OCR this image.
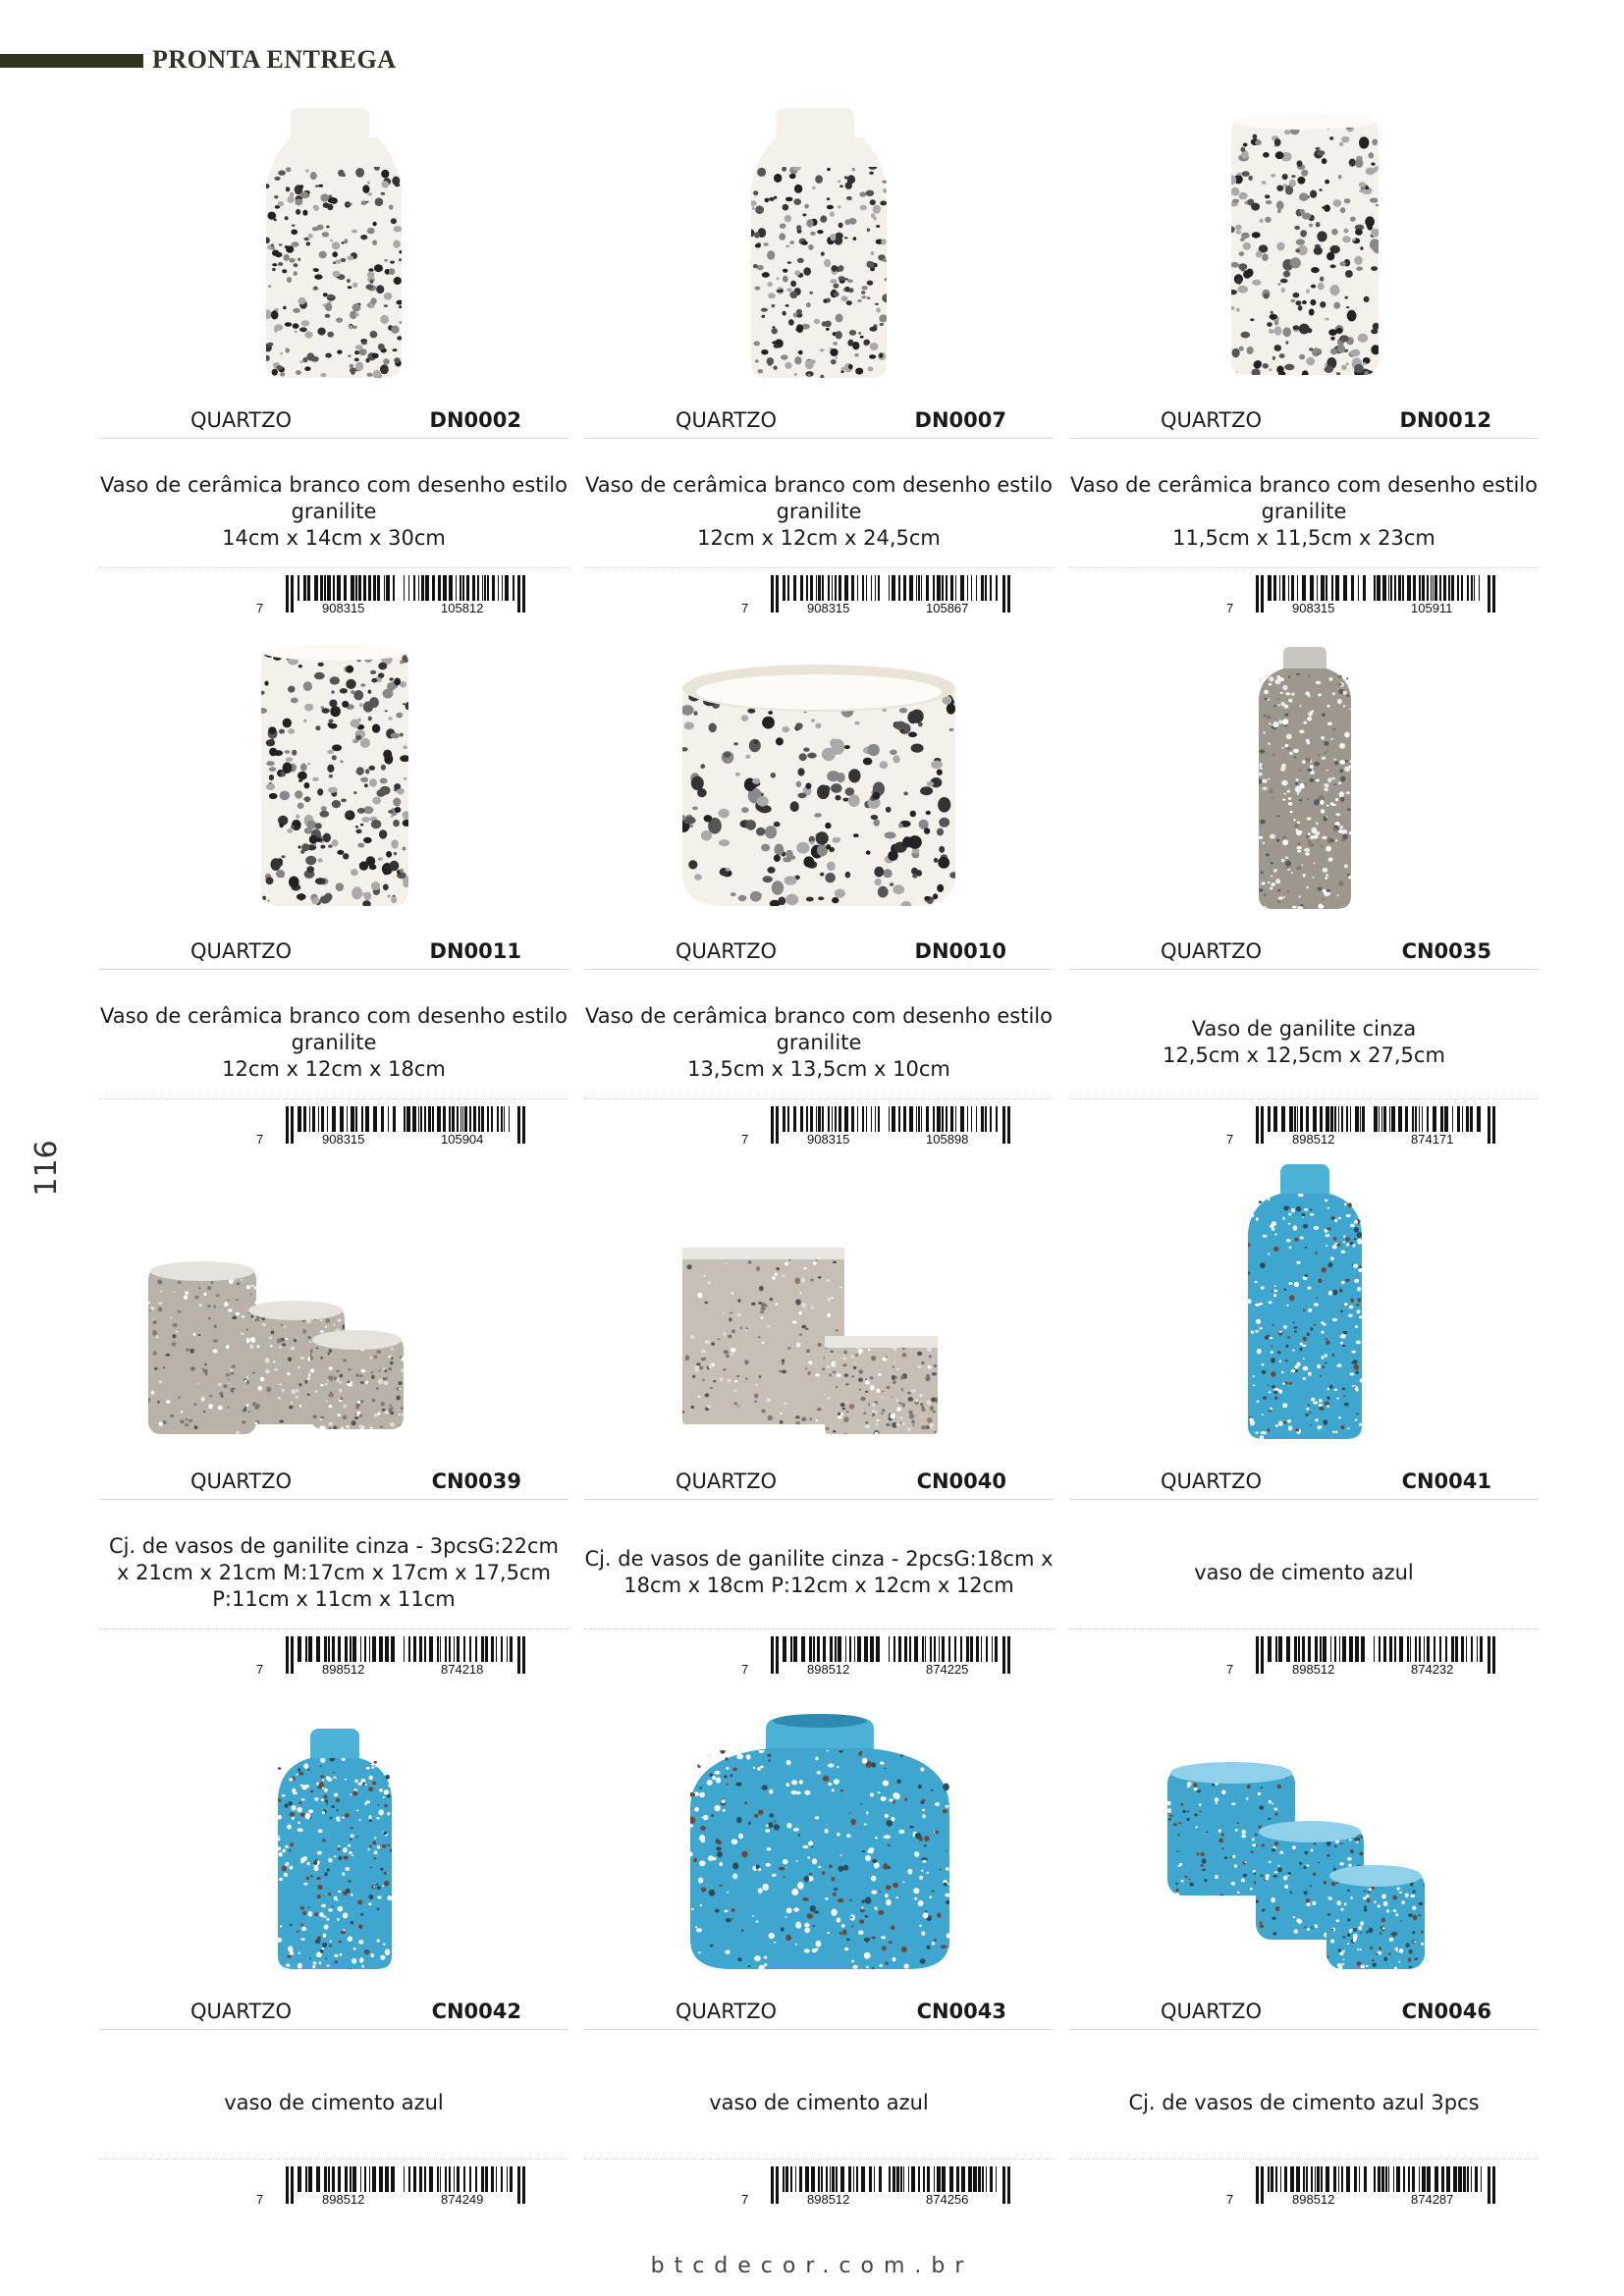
PRONTA ENTREGA
116
QUARTZO	DN0002
Vaso de cerâmica branco com desenho estilo
granilite
14cm x 14cm x 30cm
7	908315	105812
QUARTZO	DN0007
Vaso de cerâmica branco com desenho estilo
granilite
12cm x 12cm x 24,5cm
7	908315	105867
QUARTZO	DN0012
Vaso de cerâmica branco com desenho estilo
granilite
11,5cm x 11,5cm x 23cm
7	908315	105911
QUARTZO	DN0011
Vaso de cerâmica branco com desenho estilo
granilite
12cm x 12cm x 18cm
7	908315	105904
QUARTZO	DN0010
Vaso de cerâmica branco com desenho estilo
granilite
13,5cm x 13,5cm x 10cm
7	908315	105898
QUARTZO	CN0035
Vaso de ganilite cinza
12,5cm x 12,5cm x 27,5cm
7	898512	874171
QUARTZO	CN0039
Cj. de vasos de ganilite cinza - 3pcsG:22cm
x 21cm x 21cm M:17cm x 17cm x 17,5cm
P:11cm x 11cm x 11cm
7	898512	874218
QUARTZO	CN0040
Cj. de vasos de ganilite cinza - 2pcsG:18cm x
18cm x 18cm P:12cm x 12cm x 12cm
7	898512	874225
QUARTZO	CN0041
vaso de cimento azul
7	898512	874232
QUARTZO	CN0042
vaso de cimento azul
7	898512	874249
QUARTZO	CN0043
vaso de cimento azul
7	898512	874256
QUARTZO	CN0046
Cj. de vasos de cimento azul 3pcs
7	898512	874287
btcdecor.com.br
